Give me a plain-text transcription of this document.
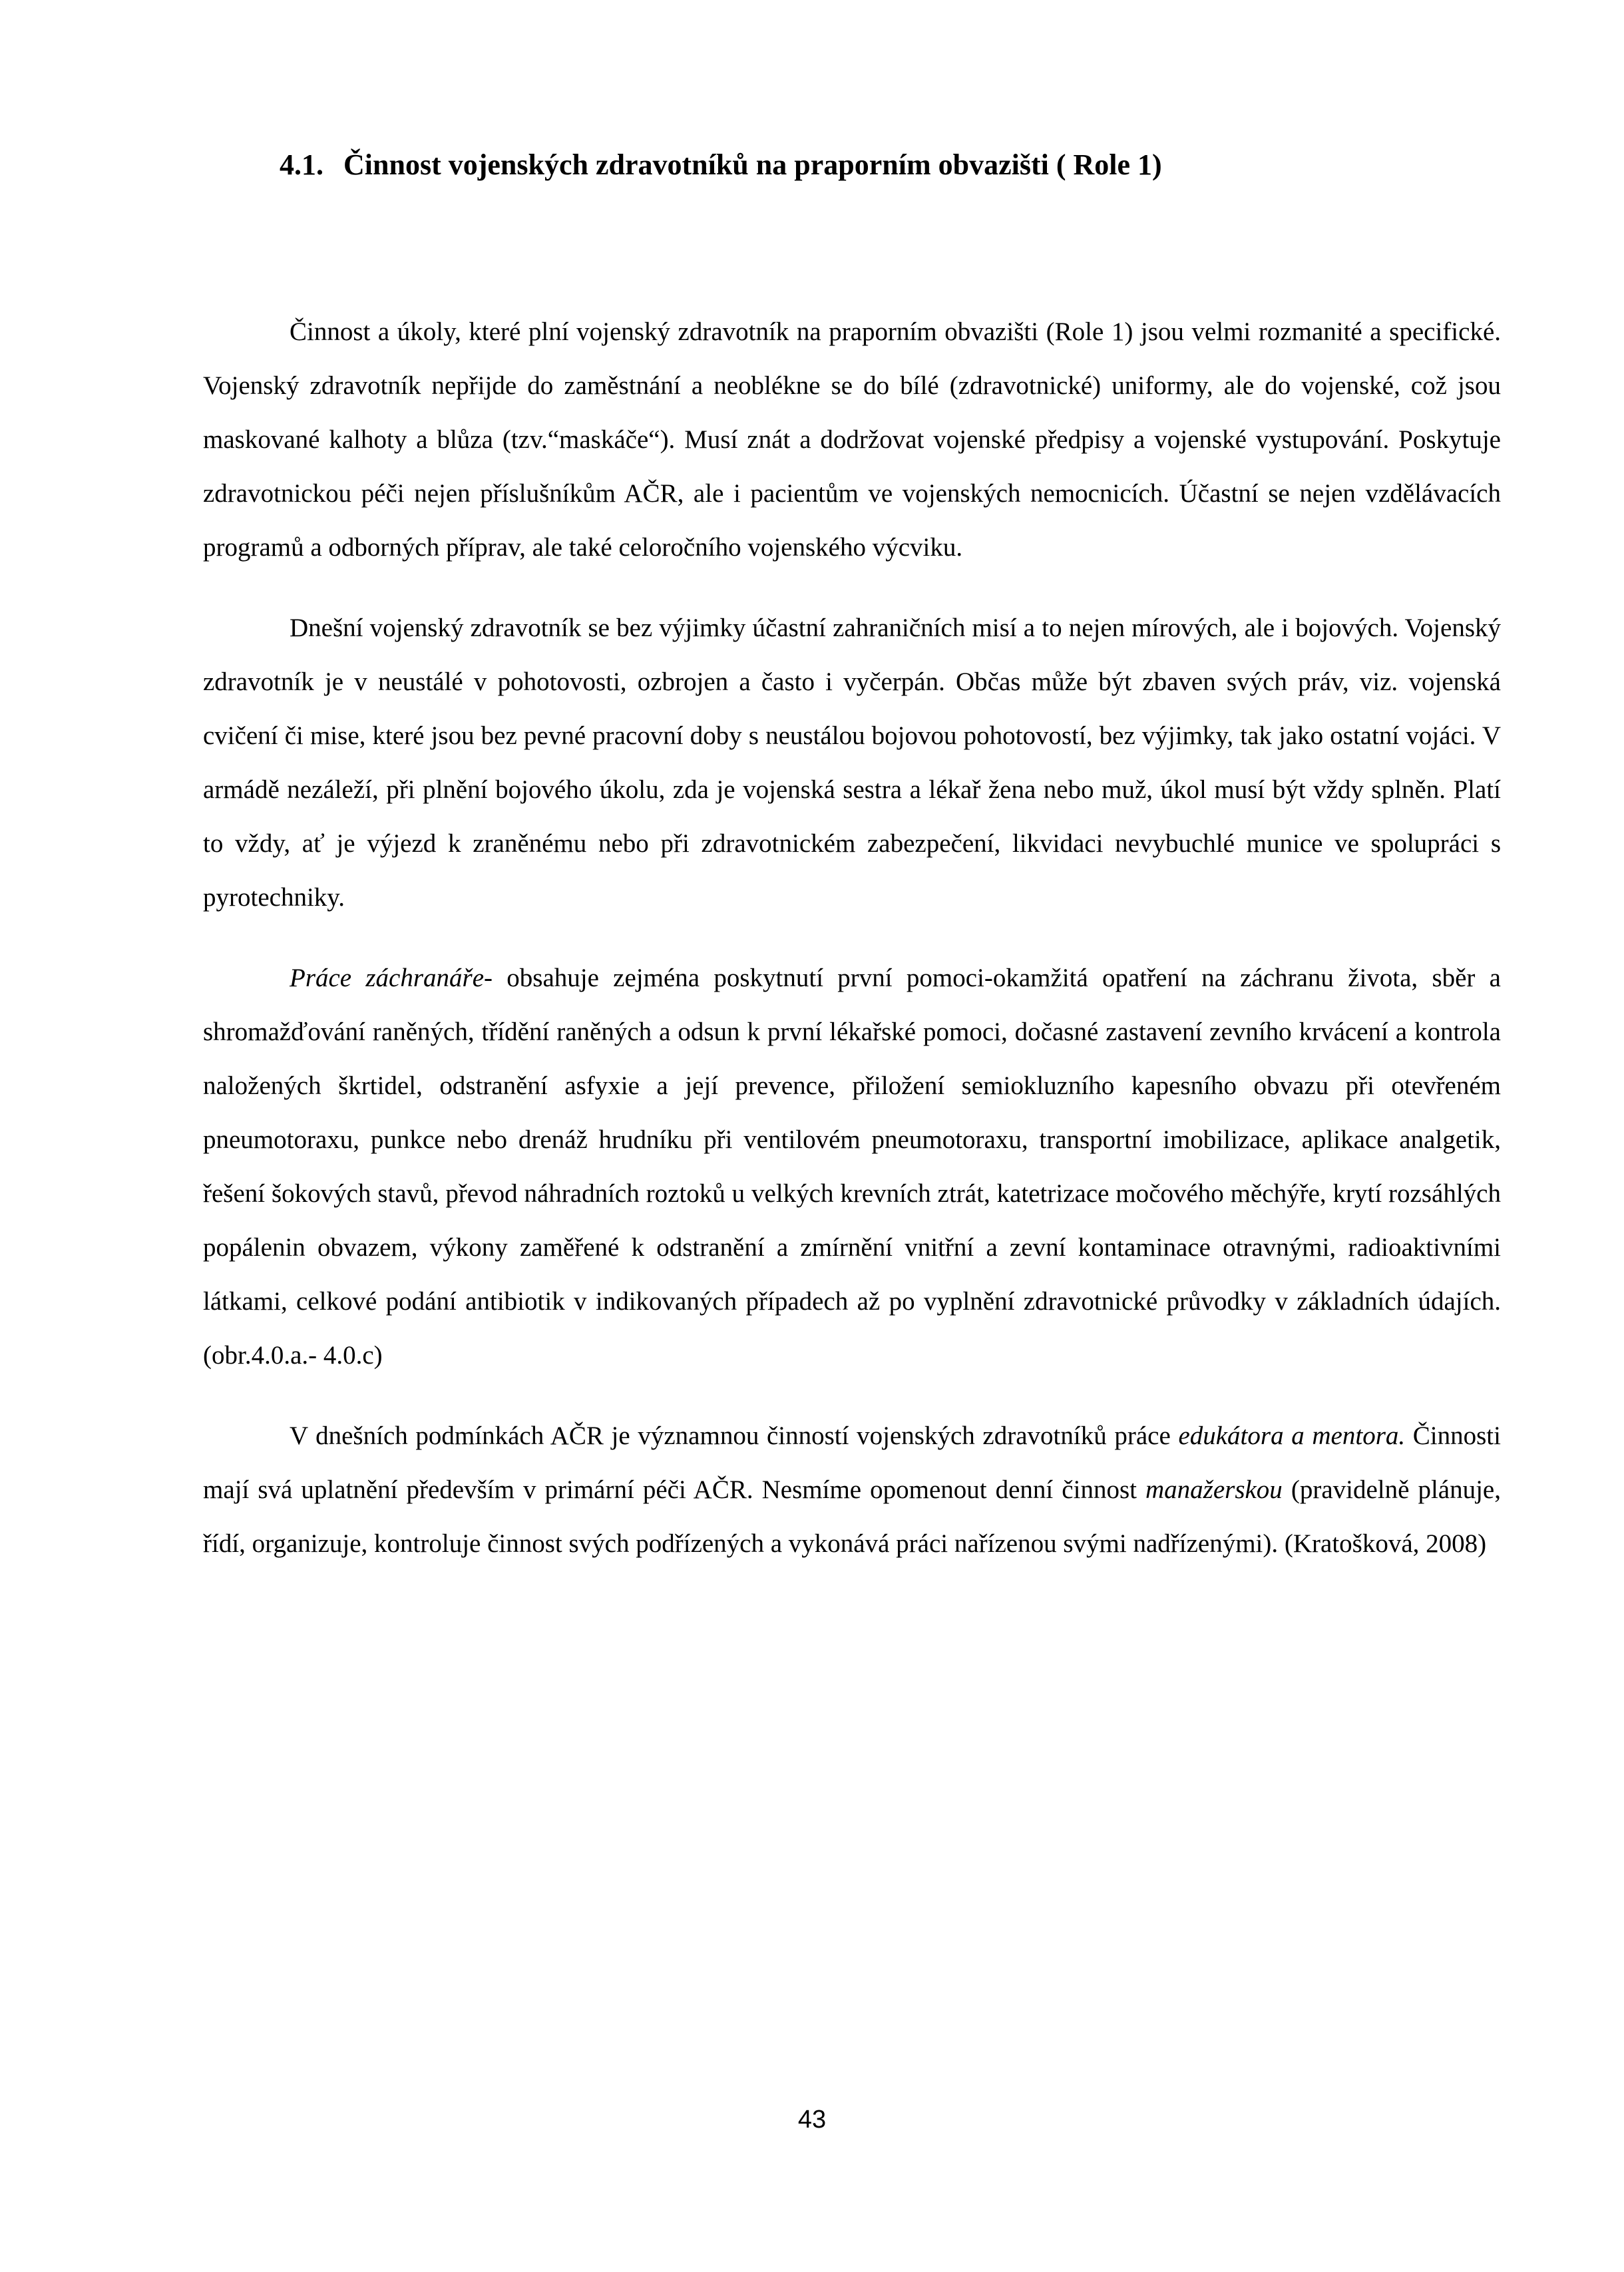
4.1. Činnost vojenských zdravotníků na praporním obvazišti ( Role 1)

Činnost a úkoly, které plní vojenský zdravotník na praporním obvazišti (Role 1) jsou velmi rozmanité a specifické. Vojenský zdravotník nepřijde do zaměstnání a neoblékne se do bílé (zdravotnické) uniformy, ale do vojenské, což jsou maskované kalhoty a blůza (tzv.“maskáče“). Musí znát a dodržovat vojenské předpisy a vojenské vystupování. Poskytuje zdravotnickou péči nejen příslušníkům AČR, ale i pacientům ve vojenských nemocnicích. Účastní se nejen vzdělávacích programů a odborných příprav, ale také celoročního vojenského výcviku.

Dnešní vojenský zdravotník se bez výjimky účastní zahraničních misí a to nejen mírových, ale i bojových. Vojenský zdravotník je v neustálé v pohotovosti, ozbrojen a často i vyčerpán. Občas může být zbaven svých práv, viz. vojenská cvičení či mise, které jsou bez pevné pracovní doby s neustálou bojovou pohotovostí, bez výjimky, tak jako ostatní vojáci. V armádě nezáleží, při plnění bojového úkolu, zda je vojenská sestra a lékař žena nebo muž, úkol musí být vždy splněn. Platí to vždy, ať je výjezd k zraněnému nebo při zdravotnickém zabezpečení, likvidaci nevybuchlé munice ve spolupráci s pyrotechniky.

Práce záchranáře- obsahuje zejména poskytnutí první pomoci-okamžitá opatření na záchranu života, sběr a shromažďování raněných, třídění raněných a odsun k první lékařské pomoci, dočasné zastavení zevního krvácení a kontrola naložených škrtidel, odstranění asfyxie a její prevence, přiložení semiokluzního kapesního obvazu při otevřeném pneumotoraxu, punkce nebo drenáž hrudníku při ventilovém pneumotoraxu, transportní imobilizace, aplikace analgetik, řešení šokových stavů, převod náhradních roztoků u velkých krevních ztrát, katetrizace močového měchýře, krytí rozsáhlých popálenin obvazem, výkony zaměřené k odstranění a zmírnění vnitřní a zevní kontaminace otravnými, radioaktivními látkami, celkové podání antibiotik v indikovaných případech až po vyplnění zdravotnické průvodky v základních údajích. (obr.4.0.a.- 4.0.c)

V dnešních podmínkách AČR je významnou činností vojenských zdravotníků práce edukátora a mentora. Činnosti mají svá uplatnění především v primární péči AČR. Nesmíme opomenout denní činnost manažerskou (pravidelně plánuje, řídí, organizuje, kontroluje činnost svých podřízených a vykonává práci nařízenou svými nadřízenými). (Kratošková, 2008)

43
